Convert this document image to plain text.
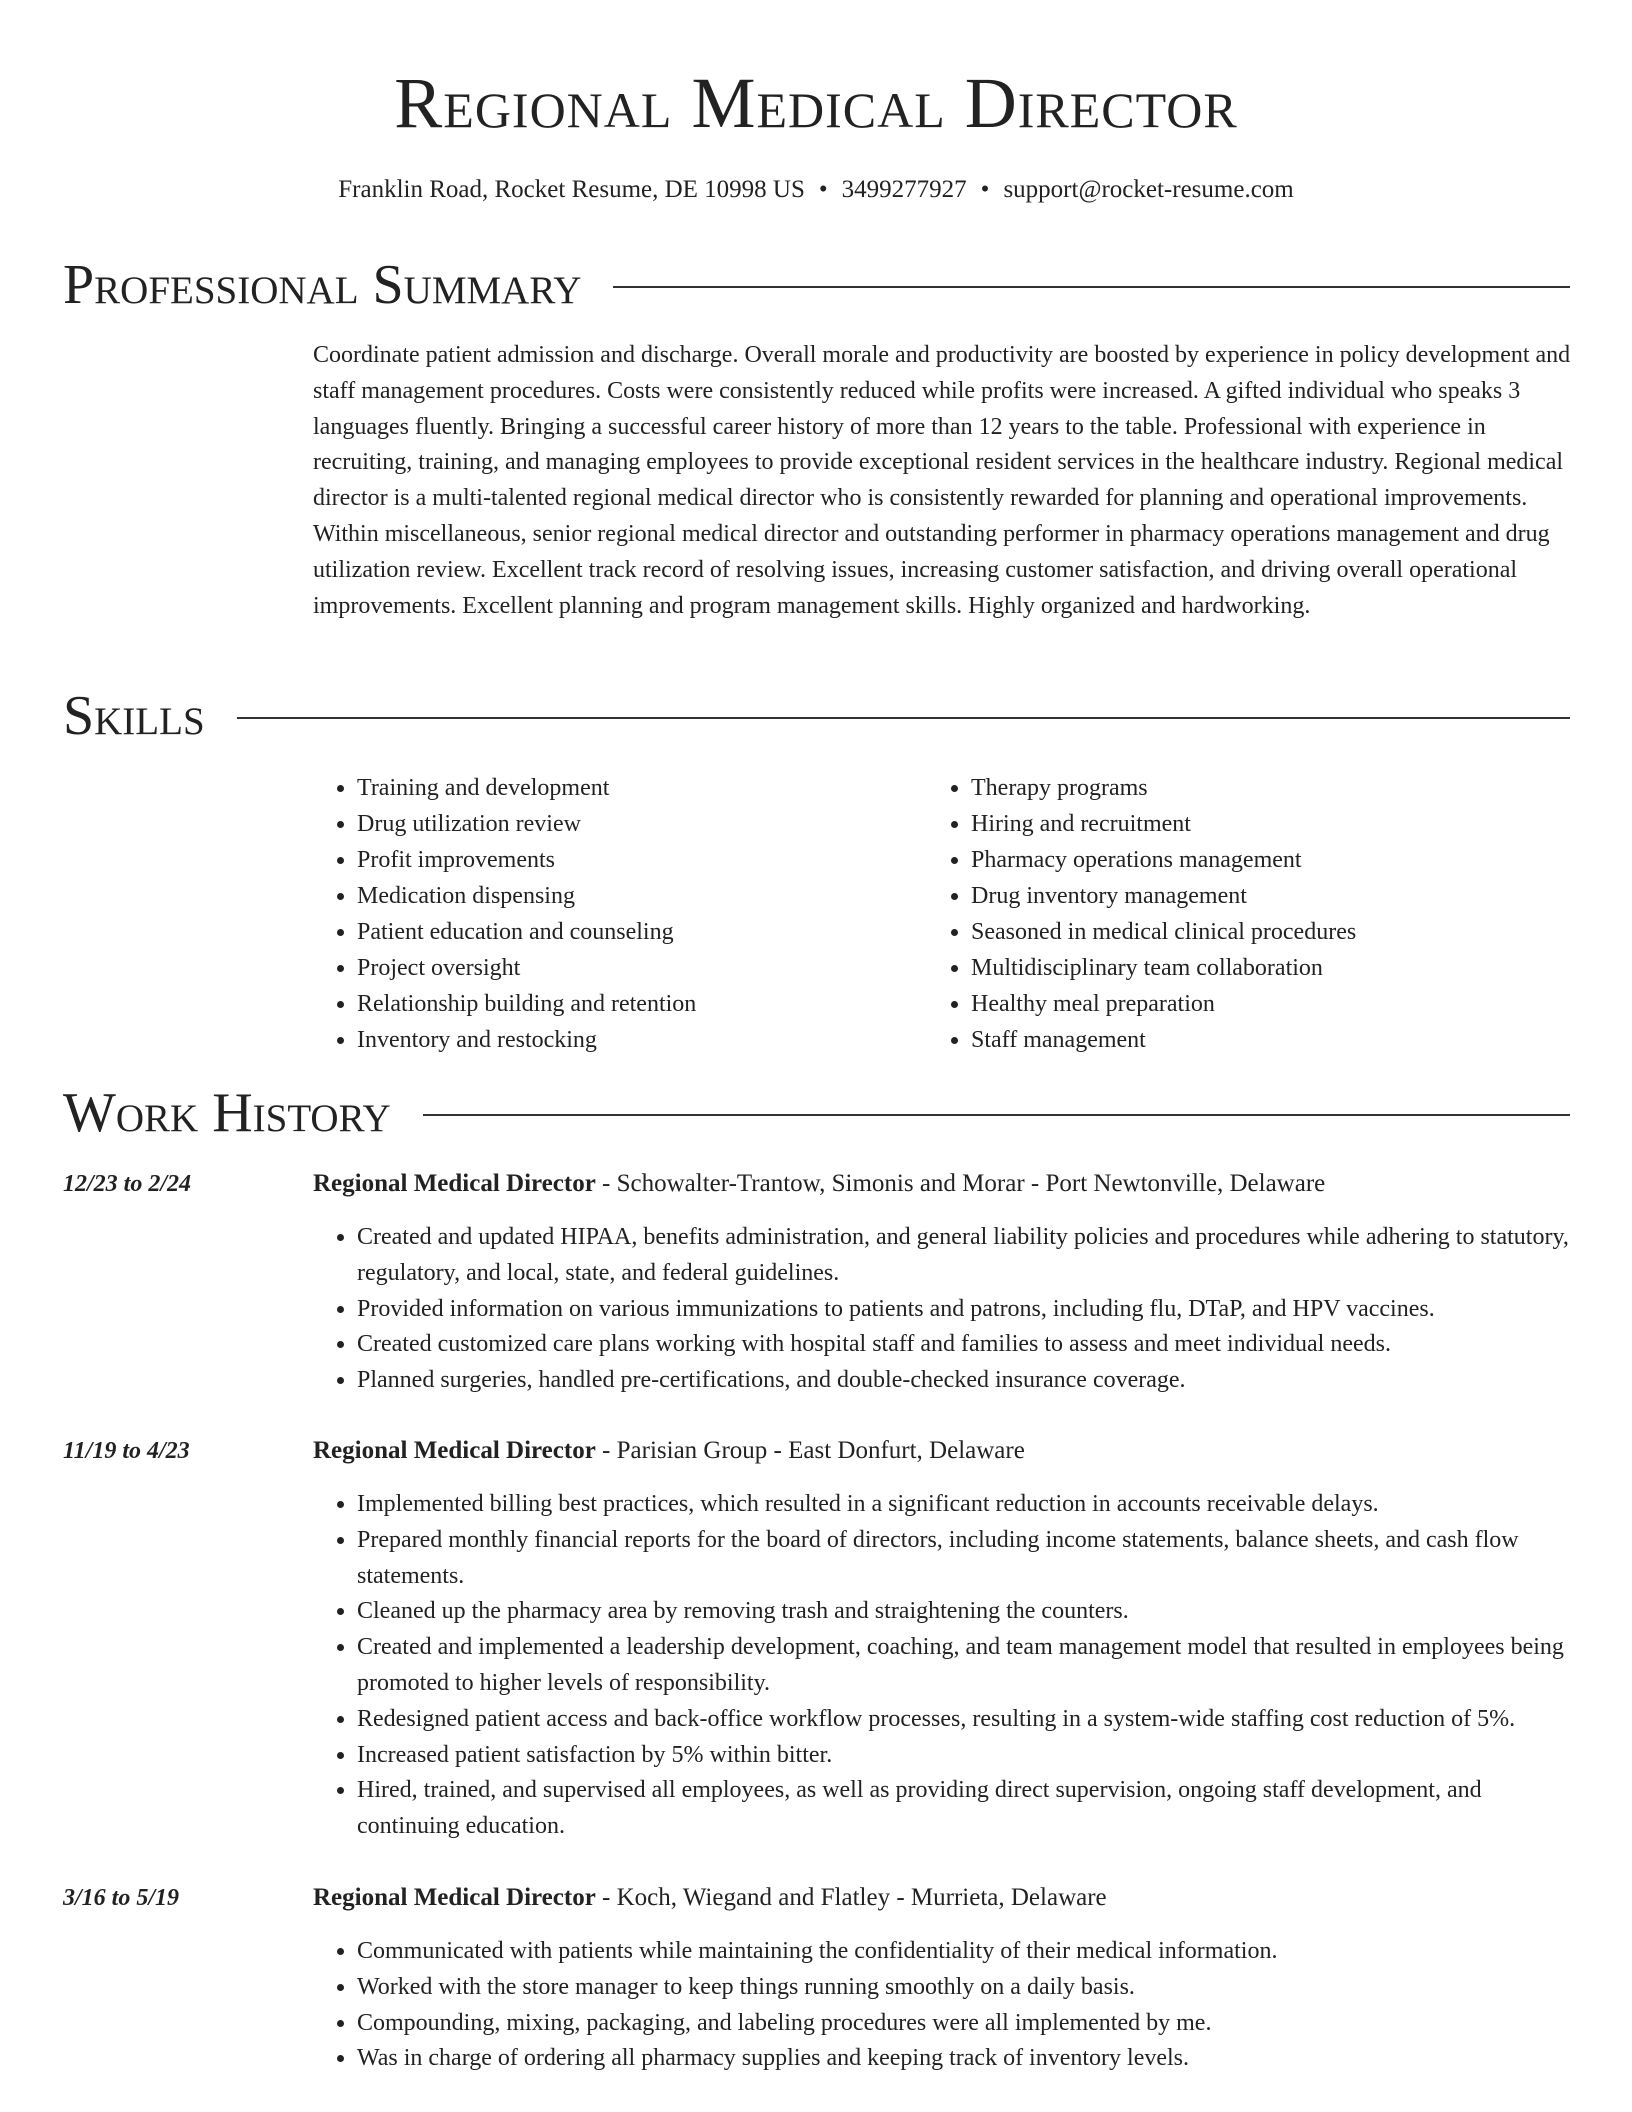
Regional Medical Director
Franklin Road, Rocket Resume, DE 10998 US • 3499277927 • support@rocket-resume.com
Professional Summary
Coordinate patient admission and discharge. Overall morale and productivity are boosted by experience in policy development and staff management procedures. Costs were consistently reduced while profits were increased. A gifted individual who speaks 3 languages fluently. Bringing a successful career history of more than 12 years to the table. Professional with experience in recruiting, training, and managing employees to provide exceptional resident services in the healthcare industry. Regional medical director is a multi-talented regional medical director who is consistently rewarded for planning and operational improvements. Within miscellaneous, senior regional medical director and outstanding performer in pharmacy operations management and drug utilization review. Excellent track record of resolving issues, increasing customer satisfaction, and driving overall operational improvements. Excellent planning and program management skills. Highly organized and hardworking.
Skills
• Training and development
• Drug utilization review
• Profit improvements
• Medication dispensing
• Patient education and counseling
• Project oversight
• Relationship building and retention
• Inventory and restocking
• Therapy programs
• Hiring and recruitment
• Pharmacy operations management
• Drug inventory management
• Seasoned in medical clinical procedures
• Multidisciplinary team collaboration
• Healthy meal preparation
• Staff management
Work History
12/23 to 2/24	Regional Medical Director - Schowalter-Trantow, Simonis and Morar - Port Newtonville, Delaware
• Created and updated HIPAA, benefits administration, and general liability policies and procedures while adhering to statutory, regulatory, and local, state, and federal guidelines.
• Provided information on various immunizations to patients and patrons, including flu, DTaP, and HPV vaccines.
• Created customized care plans working with hospital staff and families to assess and meet individual needs.
• Planned surgeries, handled pre-certifications, and double-checked insurance coverage.
11/19 to 4/23	Regional Medical Director - Parisian Group - East Donfurt, Delaware
• Implemented billing best practices, which resulted in a significant reduction in accounts receivable delays.
• Prepared monthly financial reports for the board of directors, including income statements, balance sheets, and cash flow statements.
• Cleaned up the pharmacy area by removing trash and straightening the counters.
• Created and implemented a leadership development, coaching, and team management model that resulted in employees being promoted to higher levels of responsibility.
• Redesigned patient access and back-office workflow processes, resulting in a system-wide staffing cost reduction of 5%.
• Increased patient satisfaction by 5% within bitter.
• Hired, trained, and supervised all employees, as well as providing direct supervision, ongoing staff development, and continuing education.
3/16 to 5/19	Regional Medical Director - Koch, Wiegand and Flatley - Murrieta, Delaware
• Communicated with patients while maintaining the confidentiality of their medical information.
• Worked with the store manager to keep things running smoothly on a daily basis.
• Compounding, mixing, packaging, and labeling procedures were all implemented by me.
• Was in charge of ordering all pharmacy supplies and keeping track of inventory levels.
